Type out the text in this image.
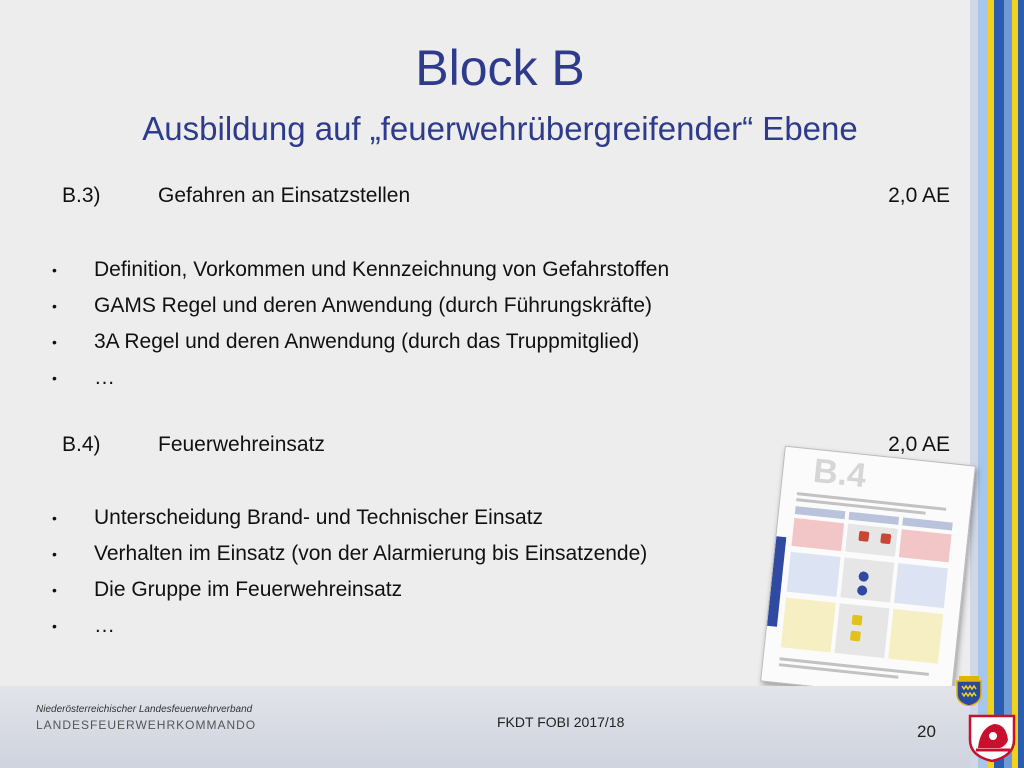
Block B
Ausbildung auf „feuerwehrübergreifender“ Ebene
B.3)	Gefahren an Einsatzstellen	2,0 AE
• Definition, Vorkommen und Kennzeichnung von Gefahrstoffen
• GAMS Regel und deren Anwendung (durch Führungskräfte)
• 3A Regel und deren Anwendung (durch das Truppmitglied)
• …
B.4)	Feuerwehreinsatz	2,0 AE
• Unterscheidung Brand- und Technischer Einsatz
• Verhalten im Einsatz (von der Alarmierung bis Einsatzende)
• Die Gruppe im Feuerwehreinsatz
• …
B.4
Niederösterreichischer Landesfeuerwehrverband
LANDESFEUERWEHRKOMMANDO	FKDT FOBI 2017/18	20
